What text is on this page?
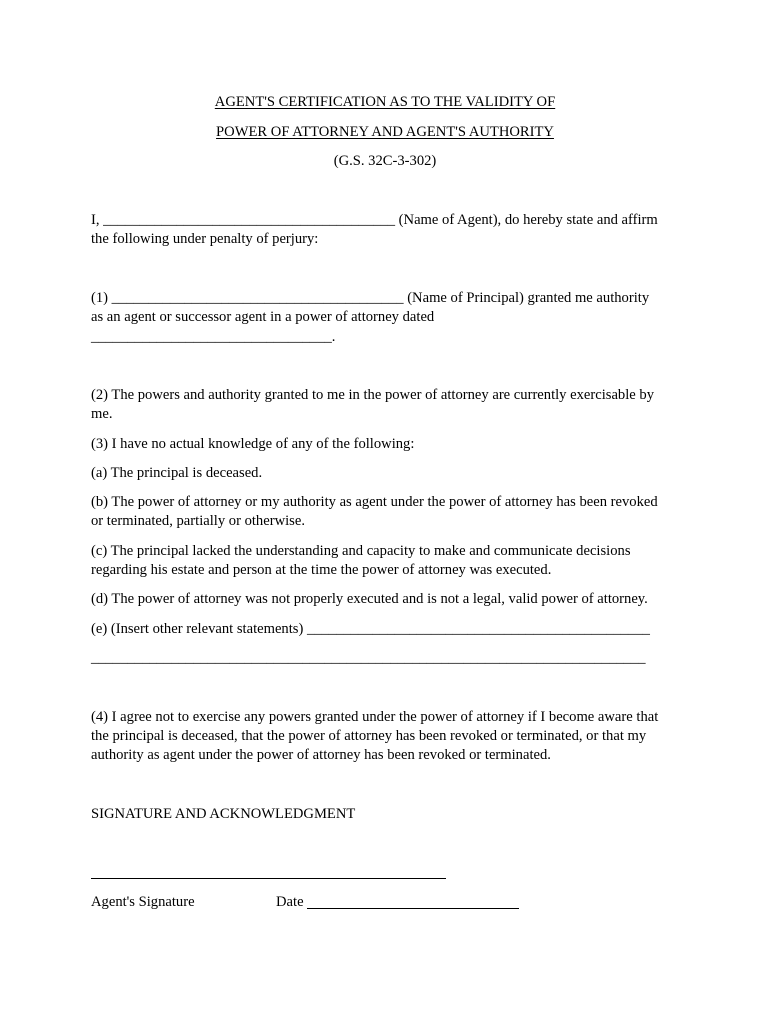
AGENT'S CERTIFICATION AS TO THE VALIDITY OF
POWER OF ATTORNEY AND AGENT'S AUTHORITY
(G.S. 32C-3-302)
I, ________________________________________ (Name of Agent), do hereby state and affirm
the following under penalty of perjury:
(1) ________________________________________ (Name of Principal) granted me authority
as an agent or successor agent in a power of attorney dated
_________________________________.
(2) The powers and authority granted to me in the power of attorney are currently exercisable by
me.
(3) I have no actual knowledge of any of the following:
(a) The principal is deceased.
(b) The power of attorney or my authority as agent under the power of attorney has been revoked
or terminated, partially or otherwise.
(c) The principal lacked the understanding and capacity to make and communicate decisions
regarding his estate and person at the time the power of attorney was executed.
(d) The power of attorney was not properly executed and is not a legal, valid power of attorney.
(e) (Insert other relevant statements) _______________________________________________
____________________________________________________________________________
(4) I agree not to exercise any powers granted under the power of attorney if I become aware that
the principal is deceased, that the power of attorney has been revoked or terminated, or that my
authority as agent under the power of attorney has been revoked or terminated.
SIGNATURE AND ACKNOWLEDGMENT
Agent's Signature	Date
